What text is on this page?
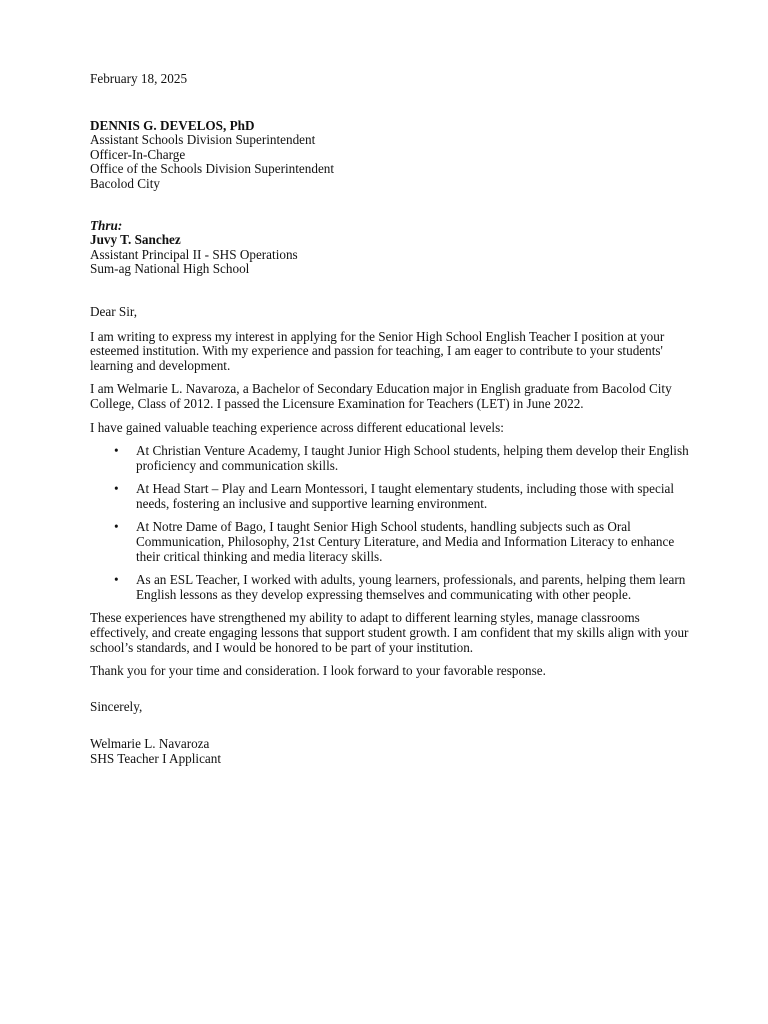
February 18, 2025
DENNIS G. DEVELOS, PhD
Assistant Schools Division Superintendent
Officer-In-Charge
Office of the Schools Division Superintendent
Bacolod City
Thru:
Juvy T. Sanchez
Assistant Principal II - SHS Operations
Sum-ag National High School
Dear Sir,

I am writing to express my interest in applying for the Senior High School English Teacher I position at your esteemed institution. With my experience and passion for teaching, I am eager to contribute to your students' learning and development.

I am Welmarie L. Navaroza, a Bachelor of Secondary Education major in English graduate from Bacolod City College, Class of 2012. I passed the Licensure Examination for Teachers (LET) in June 2022.

I have gained valuable teaching experience across different educational levels:

• At Christian Venture Academy, I taught Junior High School students, helping them develop their English proficiency and communication skills.
• At Head Start – Play and Learn Montessori, I taught elementary students, including those with special needs, fostering an inclusive and supportive learning environment.
• At Notre Dame of Bago, I taught Senior High School students, handling subjects such as Oral Communication, Philosophy, 21st Century Literature, and Media and Information Literacy to enhance their critical thinking and media literacy skills.
• As an ESL Teacher, I worked with adults, young learners, professionals, and parents, helping them learn English lessons as they develop expressing themselves and communicating with other people.

These experiences have strengthened my ability to adapt to different learning styles, manage classrooms effectively, and create engaging lessons that support student growth. I am confident that my skills align with your school’s standards, and I would be honored to be part of your institution.

Thank you for your time and consideration. I look forward to your favorable response.

Sincerely,
Welmarie L. Navaroza
SHS Teacher I Applicant
